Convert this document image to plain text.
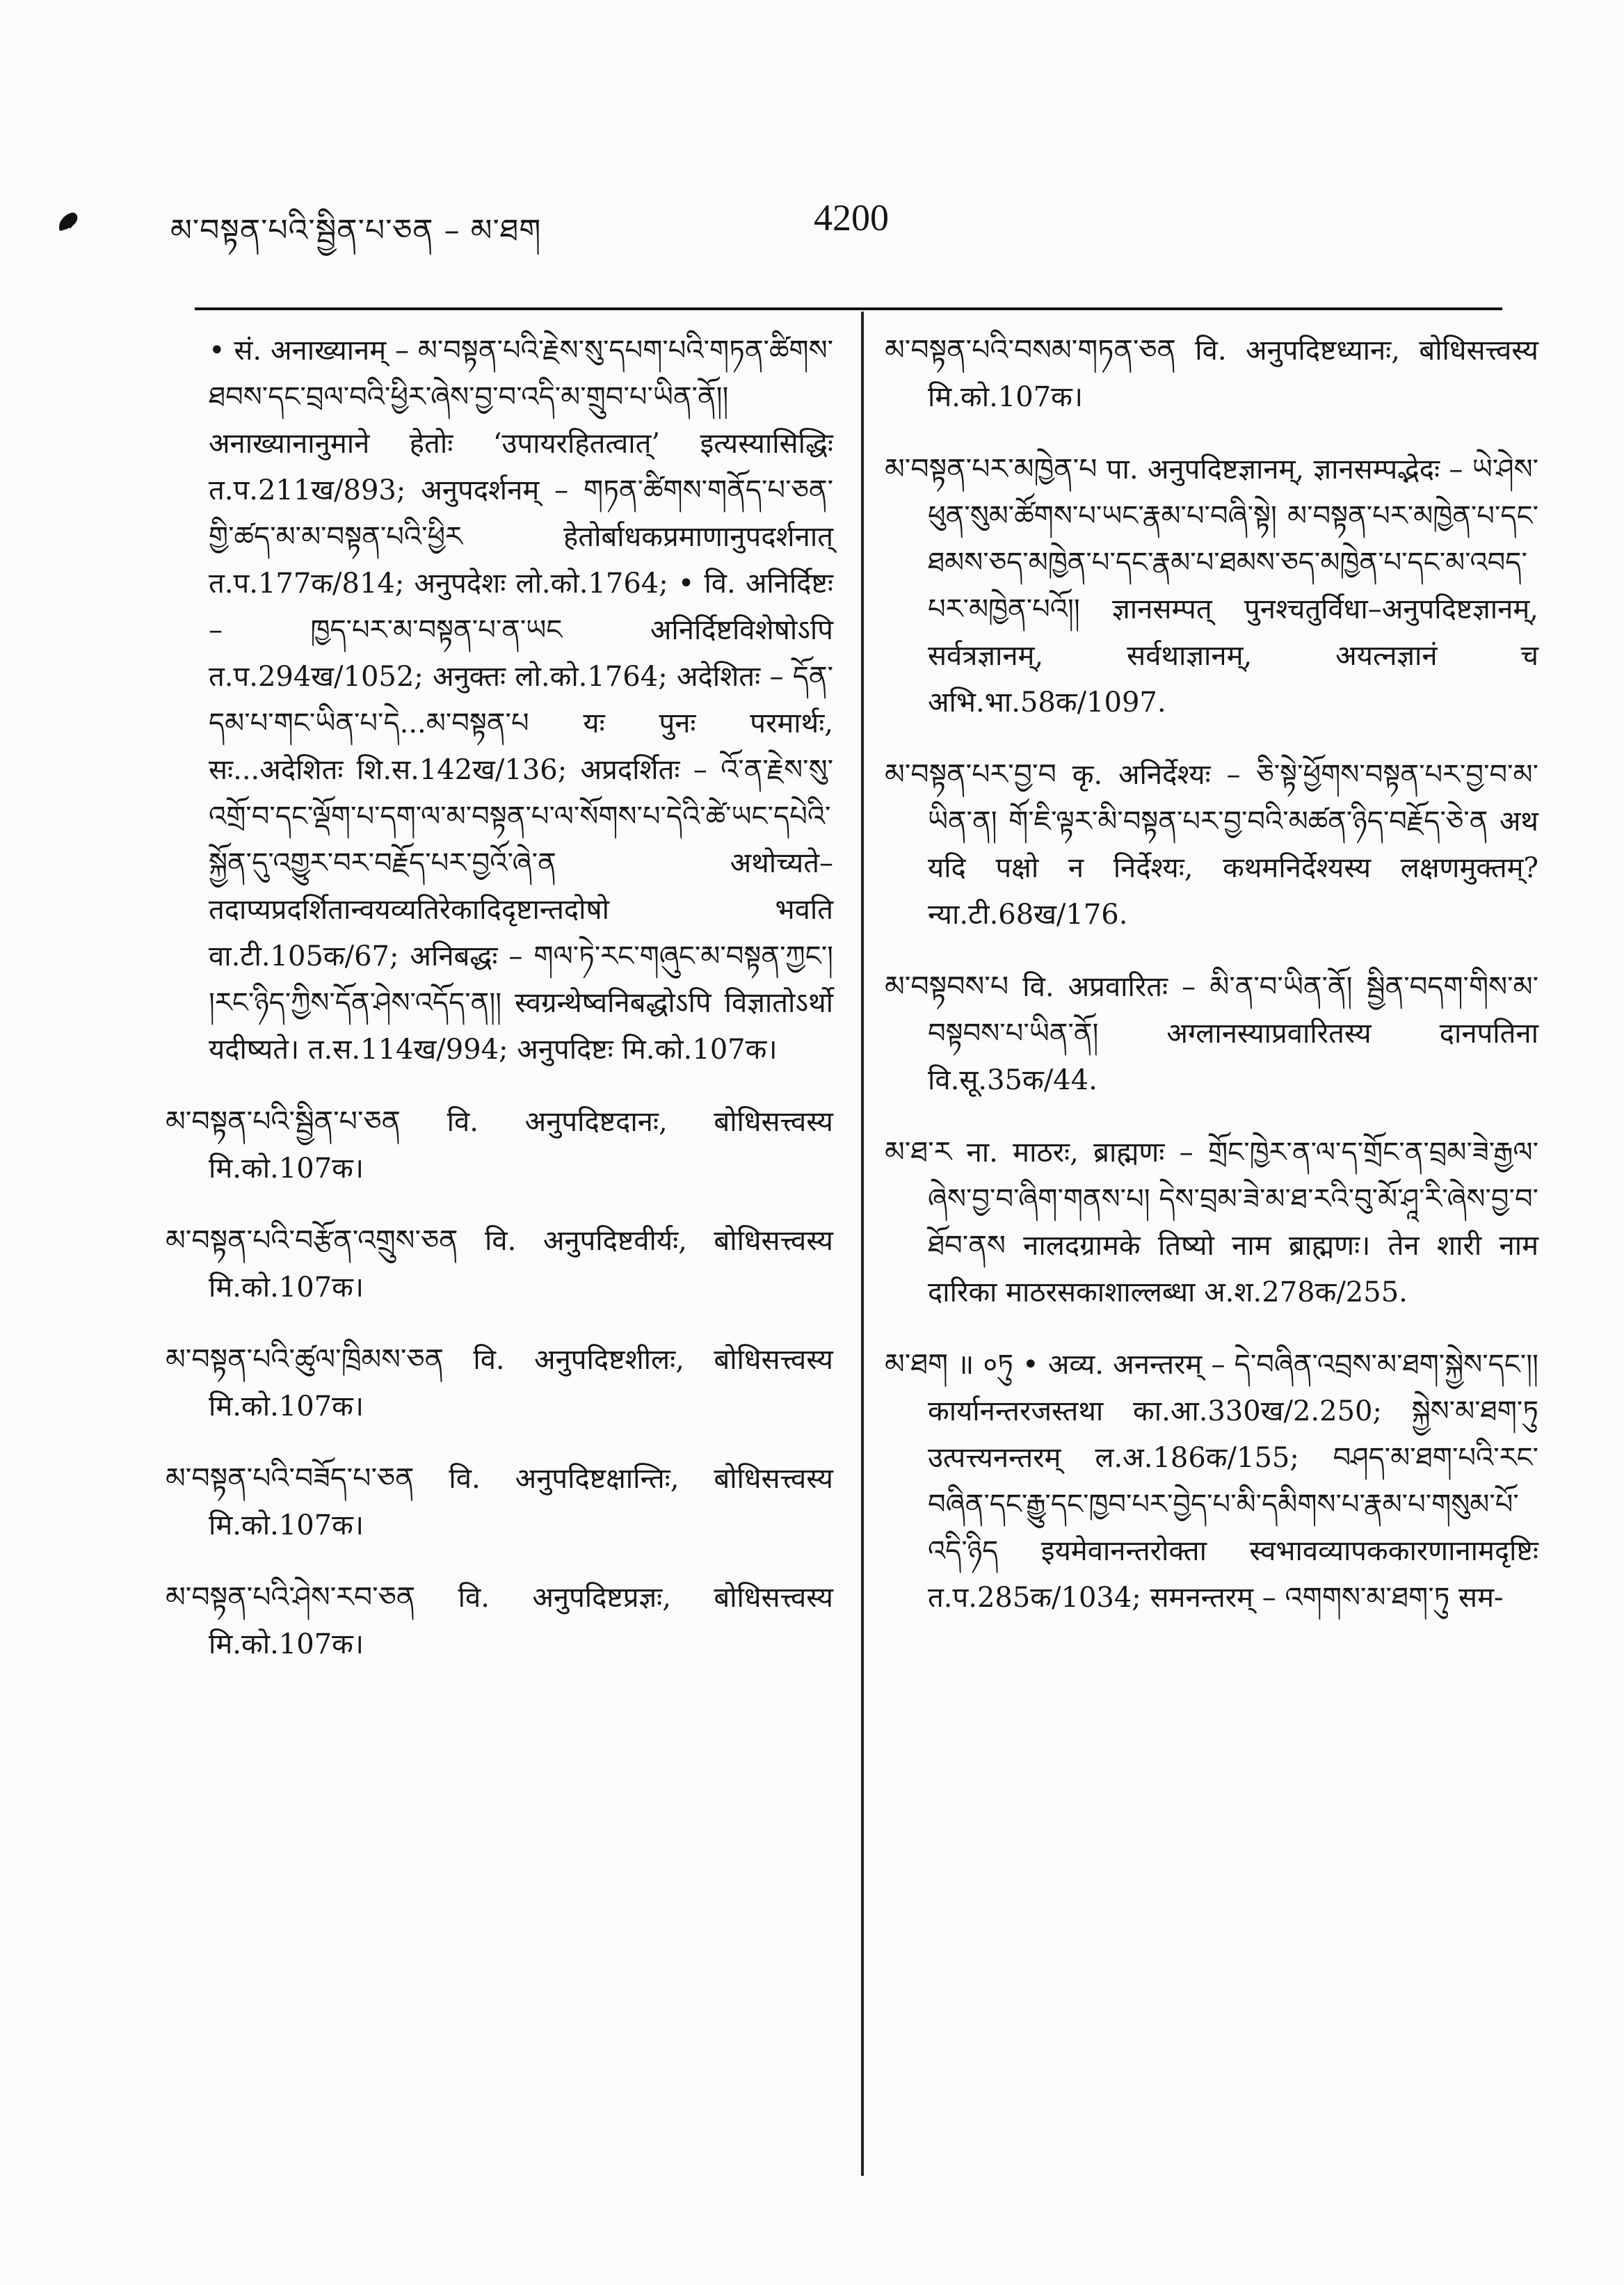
མ་བསྟན་པའི་སྦྱིན་པ་ཅན – མ་ཐག	4200

• सं. अनाख्यानम् – མ་བསྟན་པའི་རྗེས་སུ་དཔག་པའི་གཏན་ཚིགས་ཐབས་དང་བྲལ་བའི་ཕྱིར་ཞེས་བྱ་བ་འདི་མ་གྲུབ་པ་ཡིན་ནོ།། अनाख्यानानुमाने हेतोः ‘उपायरहितत्वात्’ इत्यस्यासिद्धिः त.प.211ख/893; अनुपदर्शनम् – གཏན་ཚིགས་གནོད་པ་ཅན་གྱི་ཚད་མ་མ་བསྟན་པའི་ཕྱིར हेतोर्बाधकप्रमाणानुपदर्शनात् त.प.177क/814; अनुपदेशः लो.को.1764; • वि. अनिर्दिष्टः – ཁྱད་པར་མ་བསྟན་པ་ན་ཡང अनिर्दिष्टविशेषोऽपि त.प.294ख/1052; अनुक्तः लो.को.1764; अदेशितः – དོན་དམ་པ་གང་ཡིན་པ་དེ...མ་བསྟན་པ यः पुनः परमार्थः, सः...अदेशितः शि.स.142ख/136; अप्रदर्शितः – འོ་ན་རྗེས་སུ་འགྲོ་བ་དང་ལྡོག་པ་དག་ལ་མ་བསྟན་པ་ལ་སོགས་པ་དེའི་ཚེ་ཡང་དཔེའི་སྐྱོན་དུ་འགྱུར་བར་བརྗོད་པར་བྱའོ་ཞེ་ན अथोच्यते–तदाप्यप्रदर्शितान्वयव्यतिरेकादिदृष्टान्तदोषो भवति वा.टी.105क/67; अनिबद्धः – གལ་ཏེ་རང་གཞུང་མ་བསྟན་ཀྱང་། །རང་ཉིད་ཀྱིས་དོན་ཤེས་འདོད་ན།། स्वग्रन्थेष्वनिबद्धोऽपि विज्ञातोऽर्थो यदीष्यते। त.स.114ख/994; अनुपदिष्टः मि.को.107क।

མ་བསྟན་པའི་སྦྱིན་པ་ཅན वि. अनुपदिष्टदानः, बोधिसत्त्वस्य मि.को.107क।

མ་བསྟན་པའི་བརྩོན་འགྲུས་ཅན वि. अनुपदिष्टवीर्यः, बोधिसत्त्वस्य मि.को.107क।

མ་བསྟན་པའི་ཚུལ་ཁྲིམས་ཅན वि. अनुपदिष्टशीलः, बोधिसत्त्वस्य मि.को.107क।

མ་བསྟན་པའི་བཟོད་པ་ཅན वि. अनुपदिष्टक्षान्तिः, बोधिसत्त्वस्य मि.को.107क।

མ་བསྟན་པའི་ཤེས་རབ་ཅན वि. अनुपदिष्टप्रज्ञः, बोधिसत्त्वस्य मि.को.107क।

མ་བསྟན་པའི་བསམ་གཏན་ཅན वि. अनुपदिष्टध्यानः, बोधिसत्त्वस्य मि.को.107क।

མ་བསྟན་པར་མཁྱེན་པ पा. अनुपदिष्टज्ञानम्, ज्ञानसम्पद्भेदः – ཡེ་ཤེས་ཕུན་སུམ་ཚོགས་པ་ཡང་རྣམ་པ་བཞི་སྟེ། མ་བསྟན་པར་མཁྱེན་པ་དང་ཐམས་ཅད་མཁྱེན་པ་དང་རྣམ་པ་ཐམས་ཅད་མཁྱེན་པ་དང་མ་འབད་པར་མཁྱེན་པའོ།། ज्ञानसम्पत् पुनश्चतुर्विधा–अनुपदिष्टज्ञानम्, सर्वत्रज्ञानम्, सर्वथाज्ञानम्, अयत्नज्ञानं च अभि.भा.58क/1097.

མ་བསྟན་པར་བྱ་བ कृ. अनिर्देश्यः – ཅི་སྟེ་ཕྱོགས་བསྟན་པར་བྱ་བ་མ་ཡིན་ན། གོ་ཇི་ལྟར་མི་བསྟན་པར་བྱ་བའི་མཚན་ཉིད་བརྗོད་ཅེ་ན अथ यदि पक्षो न निर्देश्यः, कथमनिर्देश्यस्य लक्षणमुक्तम्? न्या.टी.68ख/176.

མ་བསྟབས་པ वि. अप्रवारितः – མི་ན་བ་ཡིན་ནོ། སྦྱིན་བདག་གིས་མ་བསྟབས་པ་ཡིན་ནོ། अग्लानस्याप्रवारितस्य दानपतिना वि.सू.35क/44.

མ་ཐ་ར ना. माठरः, ब्राह्मणः – གྲོང་ཁྱེར་ན་ལ་ད་གྲོང་ན་བྲམ་ཟེ་རྒྱལ་ཞེས་བྱ་བ་ཞིག་གནས་པ། དེས་བྲམ་ཟེ་མ་ཐ་རའི་བུ་མོ་ཤཱ་རི་ཞེས་བྱ་བ་ཐོབ་ནས नालदग्रामके तिष्यो नाम ब्राह्मणः। तेन शारी नाम दारिका माठरसकाशाल्लब्धा अ.श.278क/255.

མ་ཐག ॥ ०ཏུ • अव्य. अनन्तरम् – དེ་བཞིན་འབྲས་མ་ཐག་སྐྱེས་དང་།། कार्यानन्तरजस्तथा का.आ.330ख/2.250; སྐྱེས་མ་ཐག་ཏུ उत्पत्त्यनन्तरम् ल.अ.186क/155; བཤད་མ་ཐག་པའི་རང་བཞིན་དང་རྒྱུ་དང་ཁྱབ་པར་བྱེད་པ་མི་དམིགས་པ་རྣམ་པ་གསུམ་པོ་འདི་ཉིད इयमेवानन्तरोक्ता स्वभावव्यापककारणानामदृष्टिः त.प.285क/1034; समनन्तरम् – འགགས་མ་ཐག་ཏུ सम-
